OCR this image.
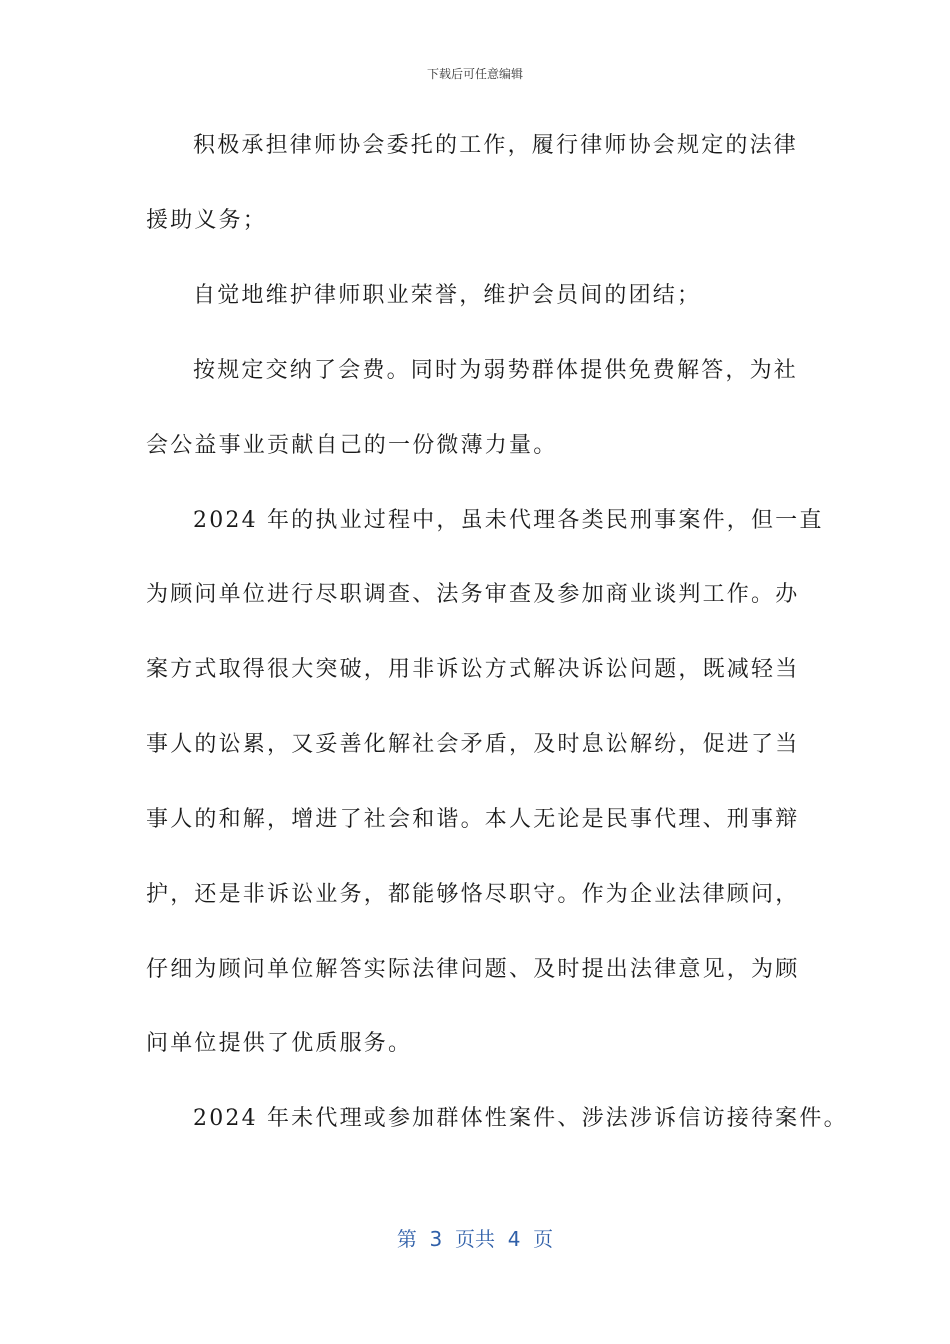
下载后可任意编辑
积极承担律师协会委托的工作，履行律师协会规定的法律
援助义务；
自觉地维护律师职业荣誉，维护会员间的团结；
按规定交纳了会费。同时为弱势群体提供免费解答，为社
会公益事业贡献自己的一份微薄力量。
2024 年的执业过程中，虽未代理各类民刑事案件，但一直
为顾问单位进行尽职调查、法务审查及参加商业谈判工作。办
案方式取得很大突破，用非诉讼方式解决诉讼问题，既减轻当
事人的讼累，又妥善化解社会矛盾，及时息讼解纷，促进了当
事人的和解，增进了社会和谐。本人无论是民事代理、刑事辩
护，还是非诉讼业务，都能够恪尽职守。作为企业法律顾问，
仔细为顾问单位解答实际法律问题、及时提出法律意见，为顾
问单位提供了优质服务。
2024 年未代理或参加群体性案件、涉法涉诉信访接待案件。
第  3  页共  4  页
